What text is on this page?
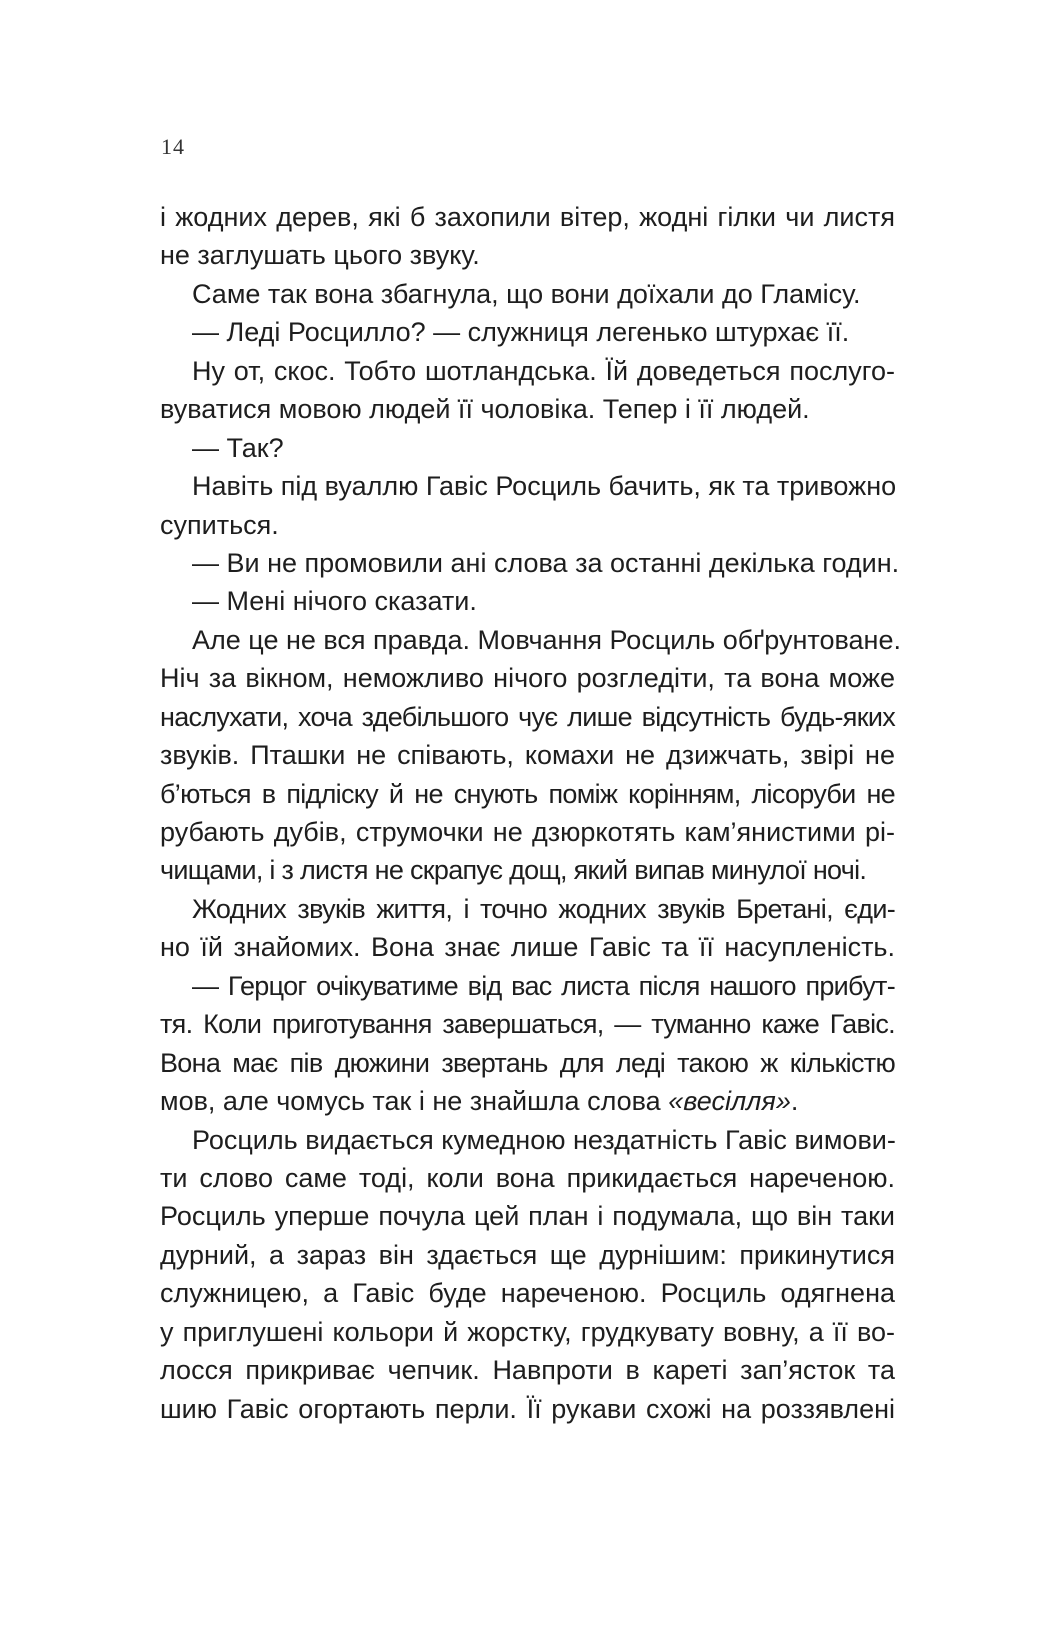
14
і жодних дерев, які б захопили вітер, жодні гілки чи листя
не заглушать цього звуку.
Саме так вона збагнула, що вони доїхали до Гламісу.
— Леді Росцилло? — служниця легенько штурхає її.
Ну от, скос. Тобто шотландська. Їй доведеться послуго-
вуватися мовою людей її чоловіка. Тепер і її людей.
— Так?
Навіть під вуаллю Гавіс Росциль бачить, як та тривожно
супиться.
— Ви не промовили ані слова за останні декілька годин.
— Мені нічого сказати.
Але це не вся правда. Мовчання Росциль обґрунтоване.
Ніч за вікном, неможливо нічого розгледіти, та вона може
наслухати, хоча здебільшого чує лише відсутність будь-яких
звуків. Пташки не співають, комахи не дзижчать, звірі не
б’ються в підліску й не снують поміж корінням, лісоруби не
рубають дубів, струмочки не дзюркотять кам’янистими рі-
чищами, і з листя не скрапує дощ, який випав минулої ночі.
Жодних звуків життя, і точно жодних звуків Бретані, єди-
но їй знайомих. Вона знає лише Гавіс та її насупленість.
— Герцог очікуватиме від вас листа після нашого прибут-
тя. Коли приготування завершаться, — туманно каже Гавіс.
Вона має пів дюжини звертань для леді такою ж кількістю
мов, але чомусь так і не знайшла слова «весілля».
Росциль видається кумедною нездатність Гавіс вимови-
ти слово саме тоді, коли вона прикидається нареченою.
Росциль уперше почула цей план і подумала, що він таки
дурний, а зараз він здається ще дурнішим: прикинутися
служницею, а Гавіс буде нареченою. Росциль одягнена
у приглушені кольори й жорстку, грудкувату вовну, а її во-
лосся прикриває чепчик. Навпроти в кареті зап’ясток та
шию Гавіс огортають перли. Її рукави схожі на роззявлені
